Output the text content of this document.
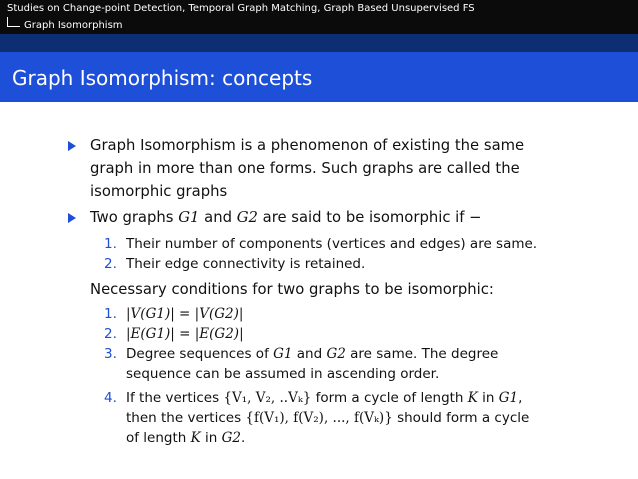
Studies on Change-point Detection, Temporal Graph Matching, Graph Based Unsupervised FS
Graph Isomorphism
Graph Isomorphism: concepts
Graph Isomorphism is a phenomenon of existing the same
graph in more than one forms. Such graphs are called the
isomorphic graphs
Two graphs G1 and G2 are said to be isomorphic if −
1. Their number of components (vertices and edges) are same.
2. Their edge connectivity is retained.
Necessary conditions for two graphs to be isomorphic:
1. |V(G1)| = |V(G2)|
2. |E(G1)| = |E(G2)|
3. Degree sequences of G1 and G2 are same. The degree
sequence can be assumed in ascending order.
4. If the vertices {V₁, V₂, ..Vₖ} form a cycle of length K in G1,
then the vertices {f(V₁), f(V₂), ..., f(Vₖ)} should form a cycle
of length K in G2.
